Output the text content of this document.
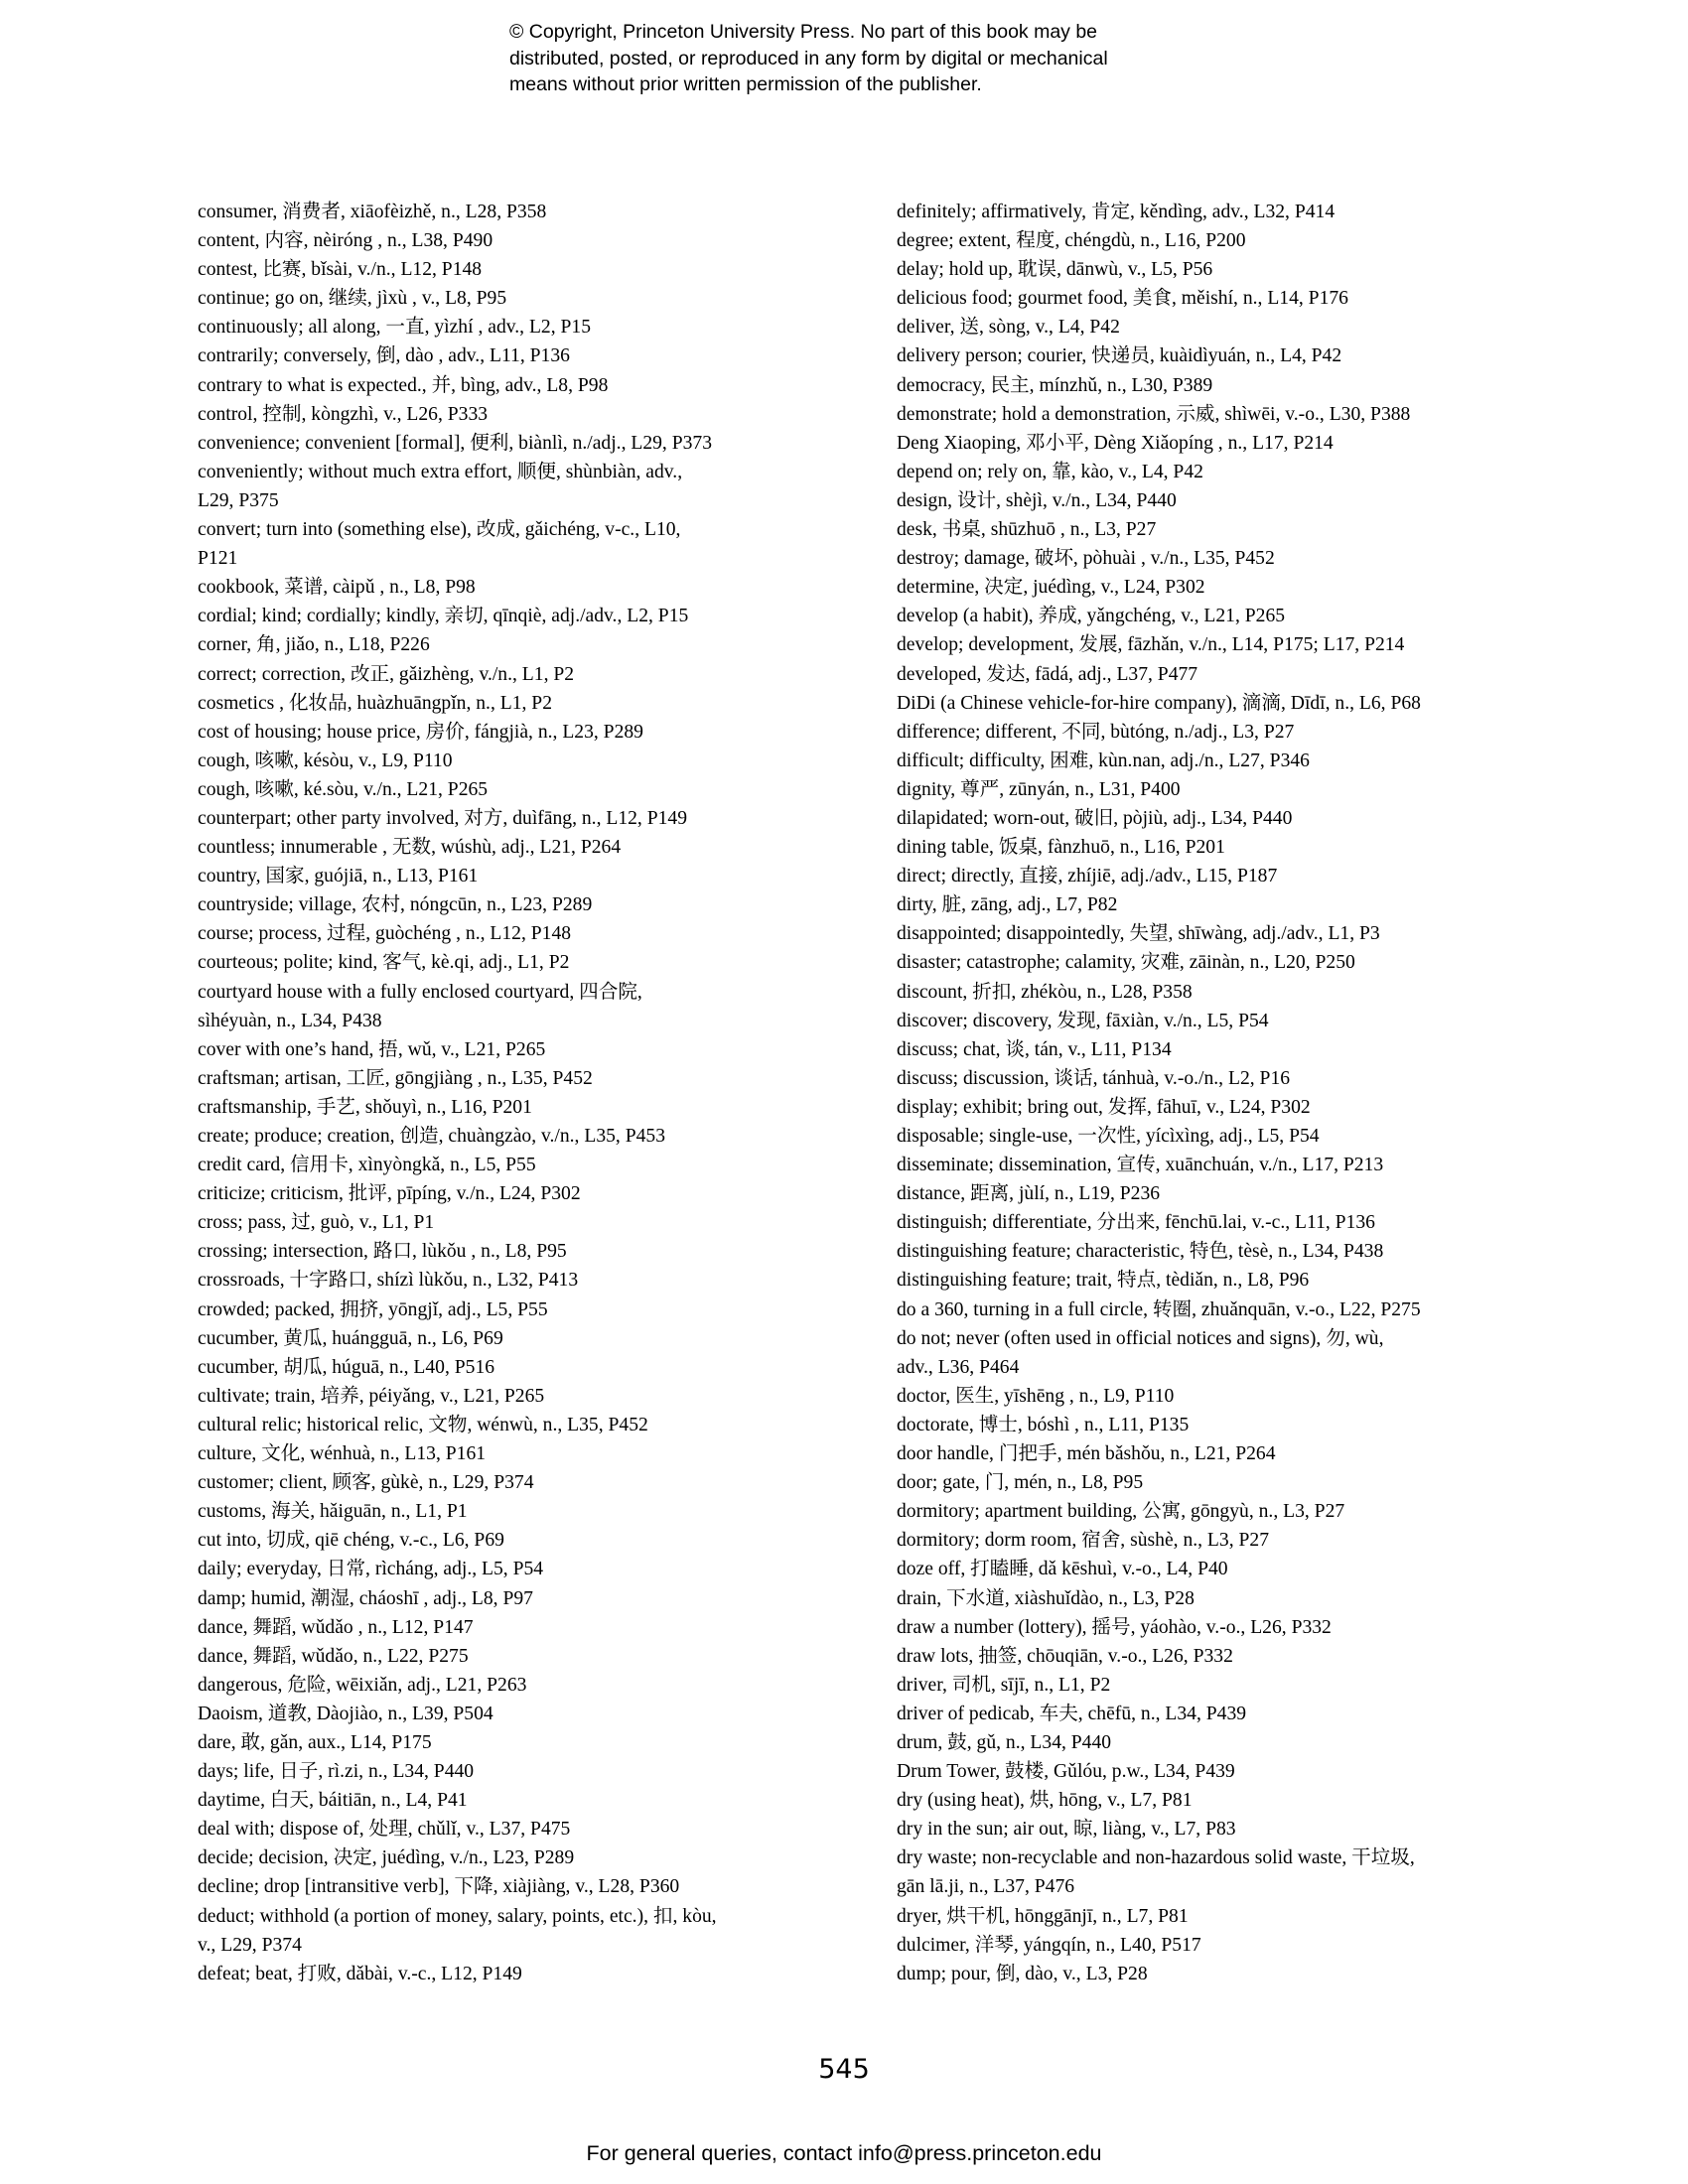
© Copyright, Princeton University Press. No part of this book may be
distributed, posted, or reproduced in any form by digital or mechanical
means without prior written permission of the publisher.
consumer, 消费者, xiāofèizhě, n., L28, P358
content, 内容, nèiróng , n., L38, P490
contest, 比赛, bǐsài, v./n., L12, P148
continue; go on, 继续, jìxù , v., L8, P95
continuously; all along, 一直, yìzhí , adv., L2, P15
contrarily; conversely, 倒, dào , adv., L11, P136
contrary to what is expected., 并, bìng, adv., L8, P98
control, 控制, kòngzhì, v., L26, P333
convenience; convenient [formal], 便利, biànlì, n./adj., L29, P373
conveniently; without much extra effort, 顺便, shùnbiàn, adv.,
L29, P375
convert; turn into (something else), 改成, gǎichéng, v-c., L10,
P121
cookbook, 菜谱, càipǔ , n., L8, P98
cordial; kind; cordially; kindly, 亲切, qīnqiè, adj./adv., L2, P15
corner, 角, jiǎo, n., L18, P226
correct; correction, 改正, gǎizhèng, v./n., L1, P2
cosmetics , 化妆品, huàzhuāngpǐn, n., L1, P2
cost of housing; house price, 房价, fángjià, n., L23, P289
cough, 咳嗽, késòu, v., L9, P110
cough, 咳嗽, ké.sòu, v./n., L21, P265
counterpart; other party involved, 对方, duìfāng, n., L12, P149
countless; innumerable , 无数, wúshù, adj., L21, P264
country, 国家, guójiā, n., L13, P161
countryside; village, 农村, nóngcūn, n., L23, P289
course; process, 过程, guòchéng , n., L12, P148
courteous; polite; kind, 客气, kè.qi, adj., L1, P2
courtyard house with a fully enclosed courtyard, 四合院,
sìhéyuàn, n., L34, P438
cover with one’s hand, 捂, wǔ, v., L21, P265
craftsman; artisan, 工匠, gōngjiàng , n., L35, P452
craftsmanship, 手艺, shǒuyì, n., L16, P201
create; produce; creation, 创造, chuàngzào, v./n., L35, P453
credit card, 信用卡, xìnyòngkǎ, n., L5, P55
criticize; criticism, 批评, pīpíng, v./n., L24, P302
cross; pass, 过, guò, v., L1, P1
crossing; intersection, 路口, lùkǒu , n., L8, P95
crossroads, 十字路口, shízì lùkǒu, n., L32, P413
crowded; packed, 拥挤, yōngjǐ, adj., L5, P55
cucumber, 黄瓜, huángguā, n., L6, P69
cucumber, 胡瓜, húguā, n., L40, P516
cultivate; train, 培养, péiyǎng, v., L21, P265
cultural relic; historical relic, 文物, wénwù, n., L35, P452
culture, 文化, wénhuà, n., L13, P161
customer; client, 顾客, gùkè, n., L29, P374
customs, 海关, hǎiguān, n., L1, P1
cut into, 切成, qiē chéng, v.-c., L6, P69
daily; everyday, 日常, rìcháng, adj., L5, P54
damp; humid, 潮湿, cháoshī , adj., L8, P97
dance, 舞蹈, wǔdǎo , n., L12, P147
dance, 舞蹈, wǔdǎo, n., L22, P275
dangerous, 危险, wēixiǎn, adj., L21, P263
Daoism, 道教, Dàojiào, n., L39, P504
dare, 敢, gǎn, aux., L14, P175
days; life, 日子, rì.zi, n., L34, P440
daytime, 白天, báitiān, n., L4, P41
deal with; dispose of, 处理, chǔlǐ, v., L37, P475
decide; decision, 决定, juédìng, v./n., L23, P289
decline; drop [intransitive verb], 下降, xiàjiàng, v., L28, P360
deduct; withhold (a portion of money, salary, points, etc.), 扣, kòu,
v., L29, P374
defeat; beat, 打败, dǎbài, v.-c., L12, P149
definitely; affirmatively, 肯定, kěndìng, adv., L32, P414
degree; extent, 程度, chéngdù, n., L16, P200
delay; hold up, 耽误, dānwù, v., L5, P56
delicious food; gourmet food, 美食, měishí, n., L14, P176
deliver, 送, sòng, v., L4, P42
delivery person; courier, 快递员, kuàidìyuán, n., L4, P42
democracy, 民主, mínzhǔ, n., L30, P389
demonstrate; hold a demonstration, 示威, shìwēi, v.-o., L30, P388
Deng Xiaoping, 邓小平, Dèng Xiǎopíng , n., L17, P214
depend on; rely on, 靠, kào, v., L4, P42
design, 设计, shèjì, v./n., L34, P440
desk, 书桌, shūzhuō , n., L3, P27
destroy; damage, 破坏, pòhuài , v./n., L35, P452
determine, 决定, juédìng, v., L24, P302
develop (a habit), 养成, yǎngchéng, v., L21, P265
develop; development, 发展, fāzhǎn, v./n., L14, P175; L17, P214
developed, 发达, fādá, adj., L37, P477
DiDi (a Chinese vehicle-for-hire company), 滴滴, Dīdī, n., L6, P68
difference; different, 不同, bùtóng, n./adj., L3, P27
difficult; difficulty, 困难, kùn.nan, adj./n., L27, P346
dignity, 尊严, zūnyán, n., L31, P400
dilapidated; worn-out, 破旧, pòjiù, adj., L34, P440
dining table, 饭桌, fànzhuō, n., L16, P201
direct; directly, 直接, zhíjiē, adj./adv., L15, P187
dirty, 脏, zāng, adj., L7, P82
disappointed; disappointedly, 失望, shīwàng, adj./adv., L1, P3
disaster; catastrophe; calamity, 灾难, zāinàn, n., L20, P250
discount, 折扣, zhékòu, n., L28, P358
discover; discovery, 发现, fāxiàn, v./n., L5, P54
discuss; chat, 谈, tán, v., L11, P134
discuss; discussion, 谈话, tánhuà, v.-o./n., L2, P16
display; exhibit; bring out, 发挥, fāhuī, v., L24, P302
disposable; single-use, 一次性, yícìxìng, adj., L5, P54
disseminate; dissemination, 宣传, xuānchuán, v./n., L17, P213
distance, 距离, jùlí, n., L19, P236
distinguish; differentiate, 分出来, fēnchū.lai, v.-c., L11, P136
distinguishing feature; characteristic, 特色, tèsè, n., L34, P438
distinguishing feature; trait, 特点, tèdiǎn, n., L8, P96
do a 360, turning in a full circle, 转圈, zhuǎnquān, v.-o., L22, P275
do not; never (often used in official notices and signs), 勿, wù,
adv., L36, P464
doctor, 医生, yīshēng , n., L9, P110
doctorate, 博士, bóshì , n., L11, P135
door handle, 门把手, mén bǎshǒu, n., L21, P264
door; gate, 门, mén, n., L8, P95
dormitory; apartment building, 公寓, gōngyù, n., L3, P27
dormitory; dorm room, 宿舍, sùshè, n., L3, P27
doze off, 打瞌睡, dǎ kēshuì, v.-o., L4, P40
drain, 下水道, xiàshuǐdào, n., L3, P28
draw a number (lottery), 摇号, yáohào, v.-o., L26, P332
draw lots, 抽签, chōuqiān, v.-o., L26, P332
driver, 司机, sījī, n., L1, P2
driver of pedicab, 车夫, chēfū, n., L34, P439
drum, 鼓, gǔ, n., L34, P440
Drum Tower, 鼓楼, Gǔlóu, p.w., L34, P439
dry (using heat), 烘, hōng, v., L7, P81
dry in the sun; air out, 晾, liàng, v., L7, P83
dry waste; non-recyclable and non-hazardous solid waste, 干垃圾,
gān lā.ji, n., L37, P476
dryer, 烘干机, hōnggānjī, n., L7, P81
dulcimer, 洋琴, yángqín, n., L40, P517
dump; pour, 倒, dào, v., L3, P28
545
For general queries, contact info@press.princeton.edu
